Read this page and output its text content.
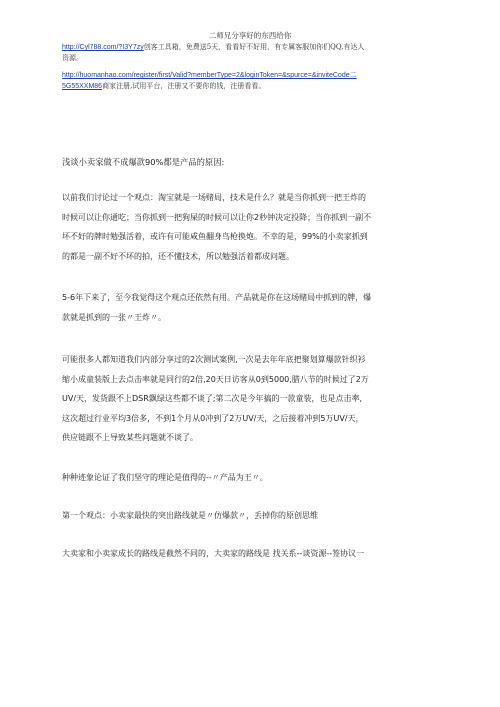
二师兄分享好的东西给你
http://Cyl788.com/?I3Y7zy创客工具箱，免费送5天，看看好不好用，有专属客服加你们QQ,有达人
资源。
http://huomanhao.com/register/first/Valid?memberType=2&loginToken=&spurce=&inviteCode二
5G55XXM86商家注册,试用平台，注册又不要你的钱，注册看看。
浅谈小卖家做不成爆款90%都是产品的原因:
以前我们讨论过一个观点：淘宝就是一场赌局，技术是什么？就是当你抓到一把王炸的
时候可以让你通吃；当你抓到一把狗屎的时候可以让你2秒钟决定投降；当你抓到一副不
坏不好的牌时勉强活着，或许有可能咸鱼翻身鸟枪换炮。不幸的是，99%的小卖家抓到
的都是一副不好不坏的拍，还不懂技术，所以勉强活着都成问题。
5-6年下来了，至今我觉得这个观点还依然有用。产品就是你在这场赌局中抓到的牌，爆
款就是抓到的一张〃王炸〃。
可能很多人都知道我们内部分享过的2次测试案例,一次是去年年底把聚划算爆款针织衫
缩小成童装版上去点击率就是同行的2倍,20天日访客从0到5000,腊八节的时候过了2万
UV/天，发货跟不上DSR飘绿这些都不谈了;第二次是今年搞的一款童装，也是点击率,
这次超过行业平均3倍多，不到1个月从0冲到了2万UV/天，之后接着冲到5万UV/天，
供应链跟不上导致某些问题就不谈了。
种种迹象论证了我们坚守的理论是值得的--〃产品为王〃。
第一个观点：小卖家最快的突出路线就是〃仿爆款〃，丢掉你的原创思维
大卖家和小卖家成长的路线是截然不同的，大卖家的路线是 找关系--谈资源--签协议一
